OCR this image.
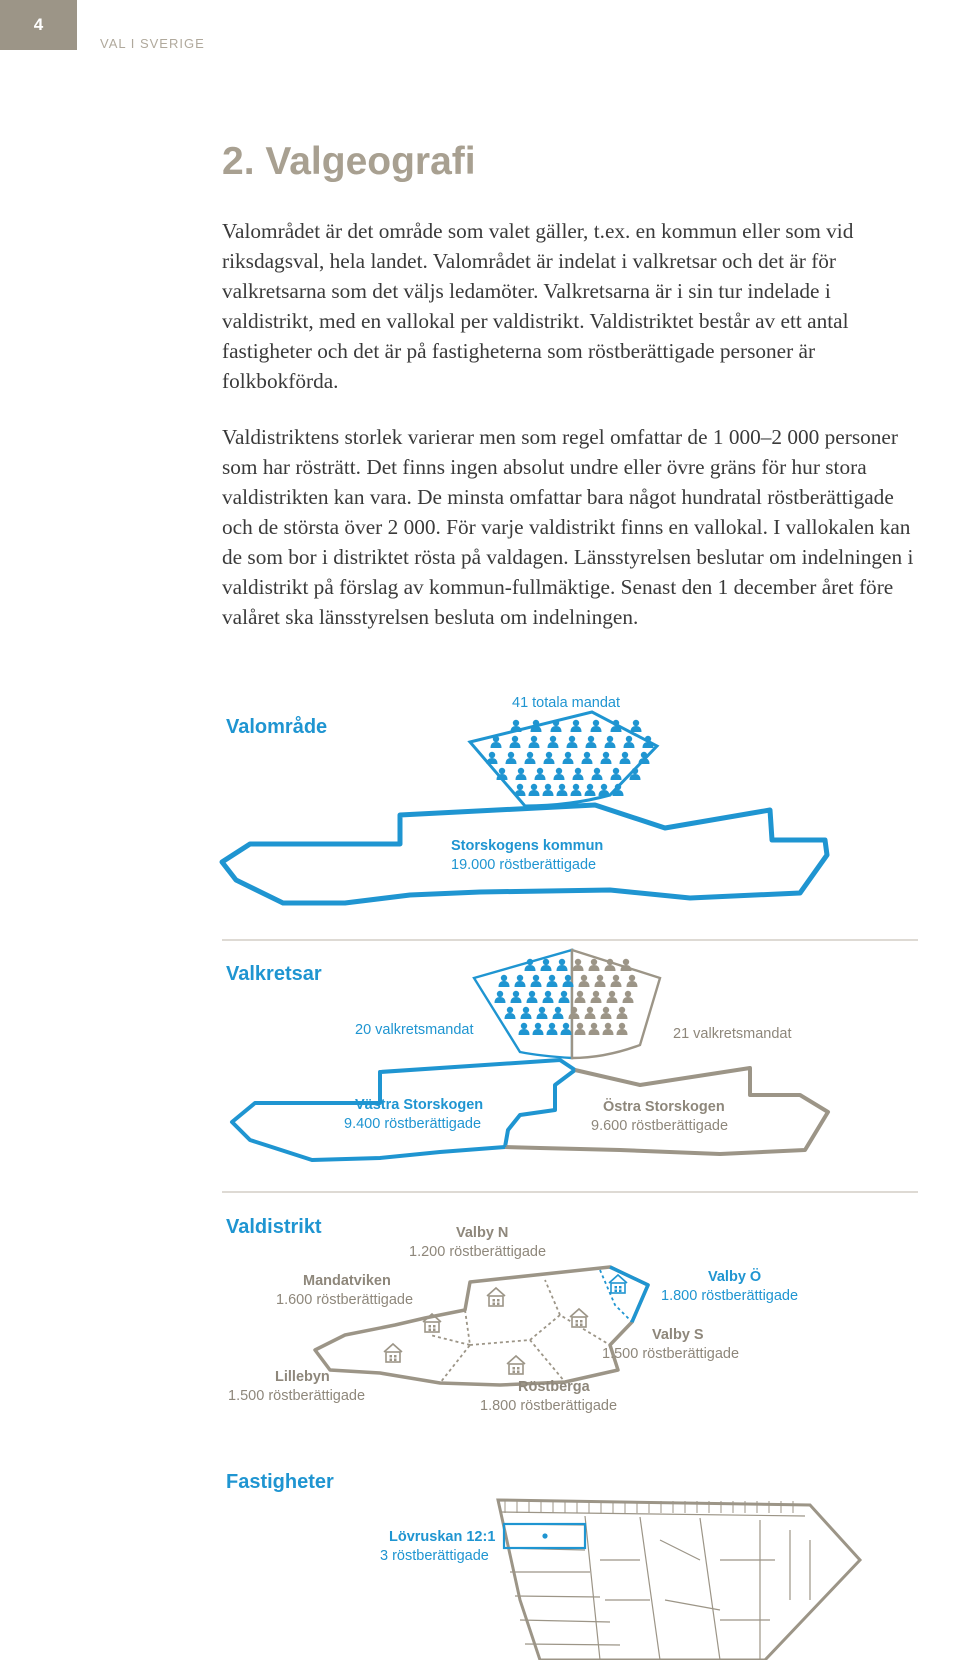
4
VAL I SVERIGE
2. Valgeografi

Valområdet är det område som valet gäller, t.ex. en kommun eller som vid riksdagsval, hela landet. Valområdet är indelat i valkretsar och det är för valkretsarna som det väljs ledamöter. Valkretsarna är i sin tur indelade i valdistrikt, med en vallokal per valdistrikt. Valdistriktet består av ett antal fastigheter och det är på fastigheterna som röstberättigade personer är folkbokförda.

Valdistriktens storlek varierar men som regel omfattar de 1 000–2 000 personer som har rösträtt. Det finns ingen absolut undre eller övre gräns för hur stora valdistrikten kan vara. De minsta omfattar bara något hundratal röstberättigade och de största över 2 000. För varje valdistrikt finns en vallokal. I vallokalen kan de som bor i distriktet rösta på valdagen. Länsstyrelsen beslutar om indelningen i valdistrikt på förslag av kommun-fullmäktige. Senast den 1 december året före valåret ska länsstyrelsen besluta om indelningen.

Valområde
41 totala mandat
Storskogens kommun
19.000 röstberättigade
Valkretsar
20 valkretsmandat	21 valkretsmandat
Västra Storskogen
9.400 röstberättigade
Östra Storskogen
9.600 röstberättigade
Valdistrikt	Valby N
1.200 röstberättigade
Mandatviken
1.600 röstberättigade
Valby Ö
1.800 röstberättigade
Valby S
1.500 röstberättigade
Lillebyn
1.500 röstberättigade
Röstberga
1.800 röstberättigade
Fastigheter
Lövruskan 12:1
3 röstberättigade
